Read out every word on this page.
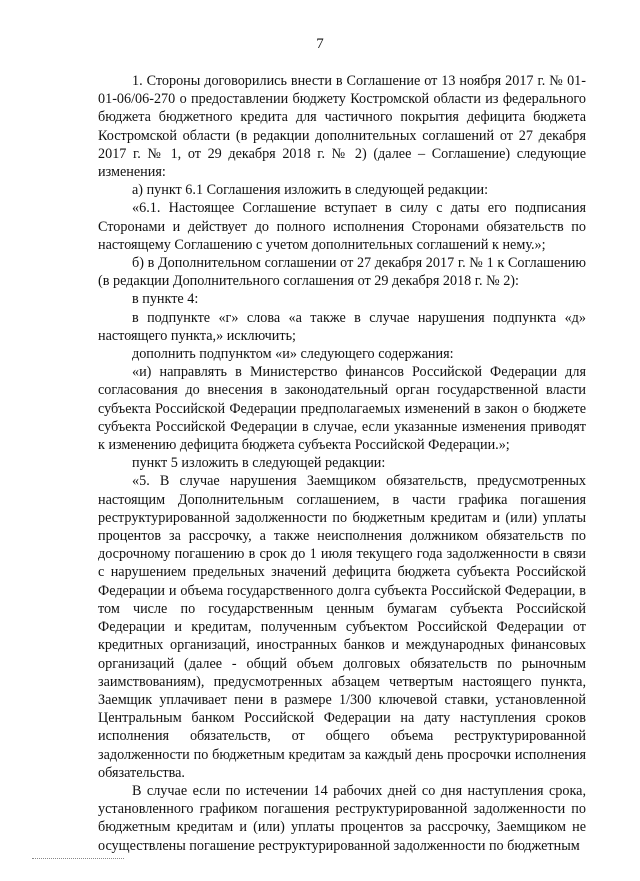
7

1. Стороны договорились внести в Соглашение от 13 ноября 2017 г. № 01-01-06/06-270 о предоставлении бюджету Костромской области из федерального бюджета бюджетного кредита для частичного покрытия дефицита бюджета Костромской области (в редакции дополнительных соглашений от 27 декабря 2017 г. № 1, от 29 декабря 2018 г. № 2) (далее – Соглашение) следующие изменения:

а) пункт 6.1 Соглашения изложить в следующей редакции:

«6.1. Настоящее Соглашение вступает в силу с даты его подписания Сторонами и действует до полного исполнения Сторонами обязательств по настоящему Соглашению с учетом дополнительных соглашений к нему.»;

б) в Дополнительном соглашении от 27 декабря 2017 г. № 1 к Соглашению (в редакции Дополнительного соглашения от 29 декабря 2018 г. № 2):

в пункте 4:

в подпункте «г» слова «а также в случае нарушения подпункта «д» настоящего пункта,» исключить;

дополнить подпунктом «и» следующего содержания:

«и) направлять в Министерство финансов Российской Федерации для согласования до внесения в законодательный орган государственной власти субъекта Российской Федерации предполагаемых изменений в закон о бюджете субъекта Российской Федерации в случае, если указанные изменения приводят к изменению дефицита бюджета субъекта Российской Федерации.»;

пункт 5 изложить в следующей редакции:

«5. В случае нарушения Заемщиком обязательств, предусмотренных настоящим Дополнительным соглашением, в части графика погашения реструктурированной задолженности по бюджетным кредитам и (или) уплаты процентов за рассрочку, а также неисполнения должником обязательств по досрочному погашению в срок до 1 июля текущего года задолженности в связи с нарушением предельных значений дефицита бюджета субъекта Российской Федерации и объема государственного долга субъекта Российской Федерации, в том числе по государственным ценным бумагам субъекта Российской Федерации и кредитам, полученным субъектом Российской Федерации от кредитных организаций, иностранных банков и международных финансовых организаций (далее - общий объем долговых обязательств по рыночным заимствованиям), предусмотренных абзацем четвертым настоящего пункта, Заемщик уплачивает пени в размере 1/300 ключевой ставки, установленной Центральным банком Российской Федерации на дату наступления сроков исполнения обязательств, от общего объема реструктурированной задолженности по бюджетным кредитам за каждый день просрочки исполнения обязательства.

В случае если по истечении 14 рабочих дней со дня наступления срока, установленного графиком погашения реструктурированной задолженности по бюджетным кредитам и (или) уплаты процентов за рассрочку, Заемщиком не осуществлены погашение реструктурированной задолженности по бюджетным
